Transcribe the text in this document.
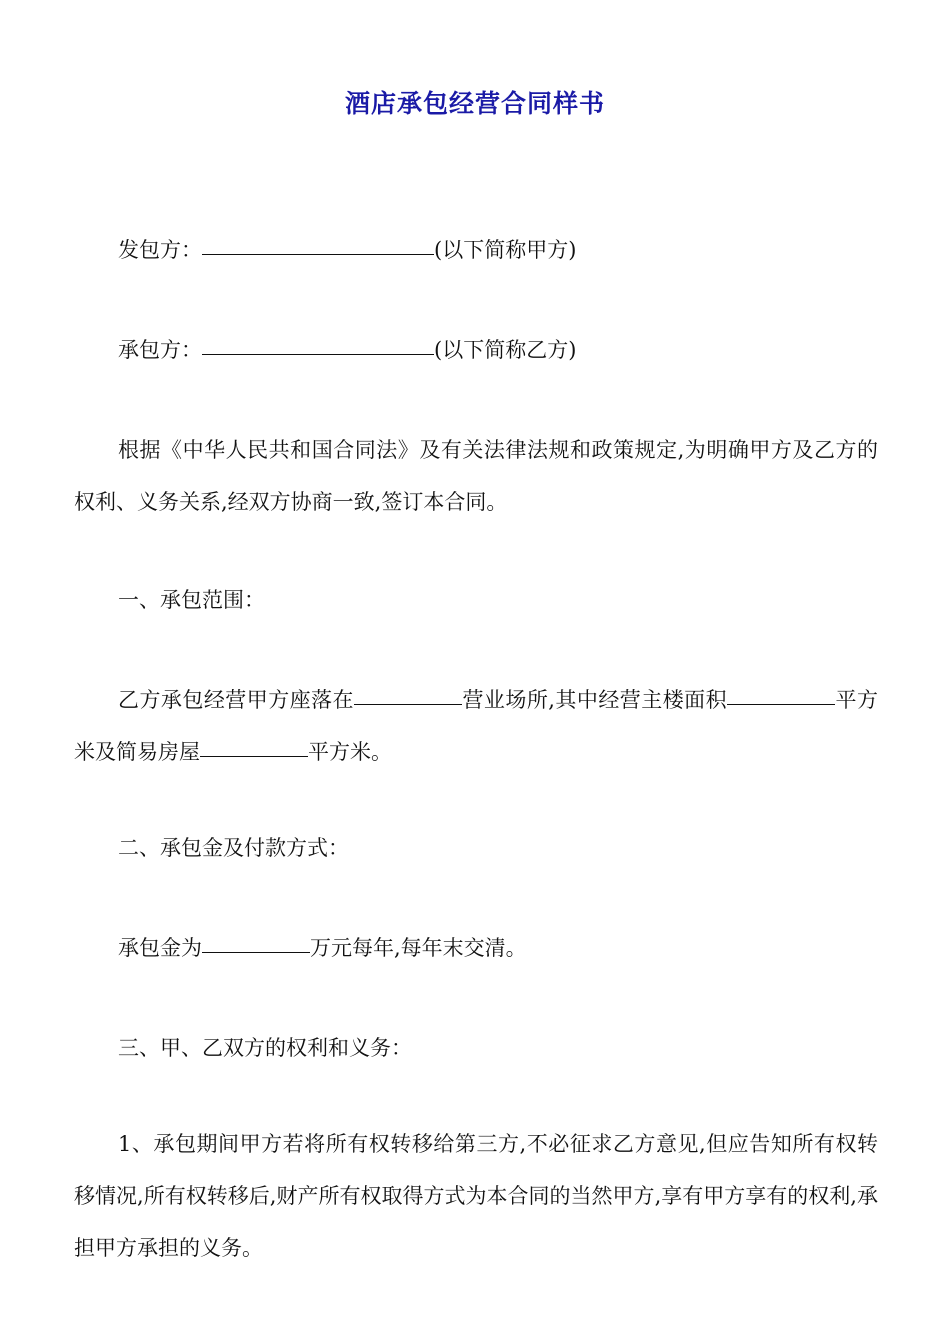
酒店承包经营合同样书

发包方：	(以下简称甲方)

承包方：	(以下简称乙方)

根据《中华人民共和国合同法》及有关法律法规和政策规定,为明确甲方及乙方的权利、义务关系,经双方协商一致,签订本合同。

一、承包范围：

乙方承包经营甲方座落在	营业场所,其中经营主楼面积	平方米及简易房屋	平方米。

二、承包金及付款方式：

承包金为	万元每年,每年末交清。

三、甲、乙双方的权利和义务：

1、承包期间甲方若将所有权转移给第三方,不必征求乙方意见,但应告知所有权转移情况,所有权转移后,财产所有权取得方式为本合同的当然甲方,享有甲方享有的权利,承担甲方承担的义务。
